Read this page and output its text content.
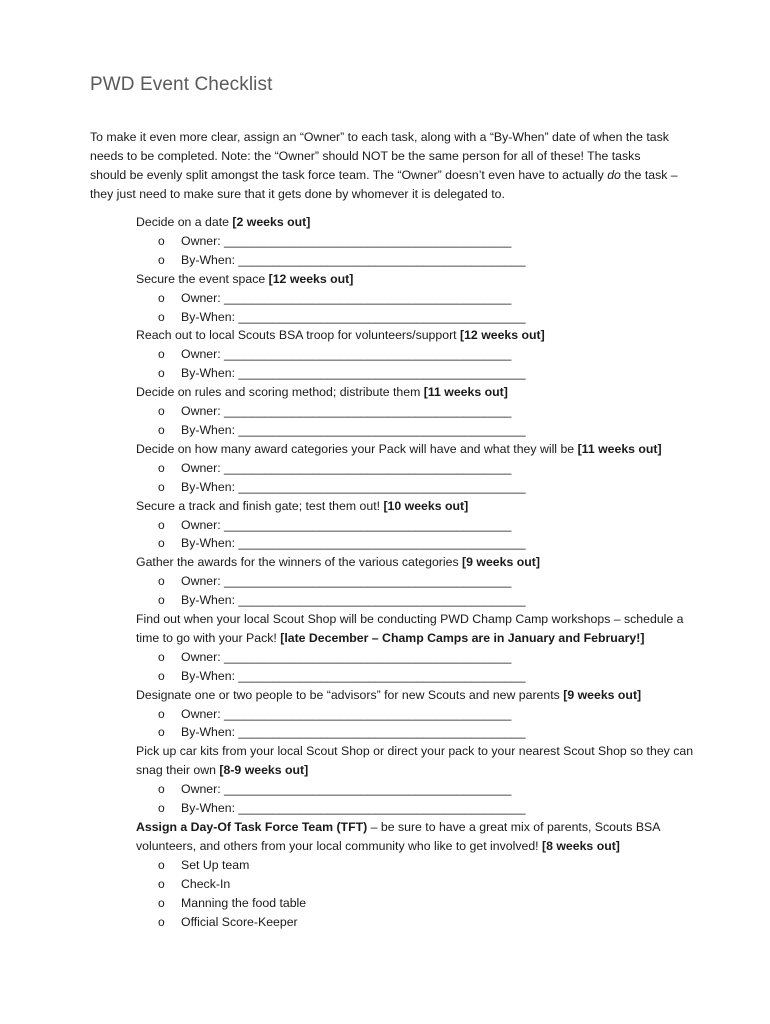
PWD Event Checklist

To make it even more clear, assign an “Owner” to each task, along with a “By-When” date of when the task needs to be completed. Note: the “Owner” should NOT be the same person for all of these! The tasks should be evenly split amongst the task force team. The “Owner” doesn’t even have to actually do the task – they just need to make sure that it gets done by whomever it is delegated to.

Decide on a date [2 weeks out]
o Owner: __________________________________________
o By-When: __________________________________________
Secure the event space [12 weeks out]
o Owner: __________________________________________
o By-When: __________________________________________
Reach out to local Scouts BSA troop for volunteers/support [12 weeks out]
o Owner: __________________________________________
o By-When: __________________________________________
Decide on rules and scoring method; distribute them [11 weeks out]
o Owner: __________________________________________
o By-When: __________________________________________
Decide on how many award categories your Pack will have and what they will be [11 weeks out]
o Owner: __________________________________________
o By-When: __________________________________________
Secure a track and finish gate; test them out! [10 weeks out]
o Owner: __________________________________________
o By-When: __________________________________________
Gather the awards for the winners of the various categories [9 weeks out]
o Owner: __________________________________________
o By-When: __________________________________________
Find out when your local Scout Shop will be conducting PWD Champ Camp workshops – schedule a time to go with your Pack! [late December – Champ Camps are in January and February!]
o Owner: __________________________________________
o By-When: __________________________________________
Designate one or two people to be “advisors” for new Scouts and new parents [9 weeks out]
o Owner: __________________________________________
o By-When: __________________________________________
Pick up car kits from your local Scout Shop or direct your pack to your nearest Scout Shop so they can snag their own [8-9 weeks out]
o Owner: __________________________________________
o By-When: __________________________________________
Assign a Day-Of Task Force Team (TFT) – be sure to have a great mix of parents, Scouts BSA volunteers, and others from your local community who like to get involved! [8 weeks out]
o Set Up team
o Check-In
o Manning the food table
o Official Score-Keeper
